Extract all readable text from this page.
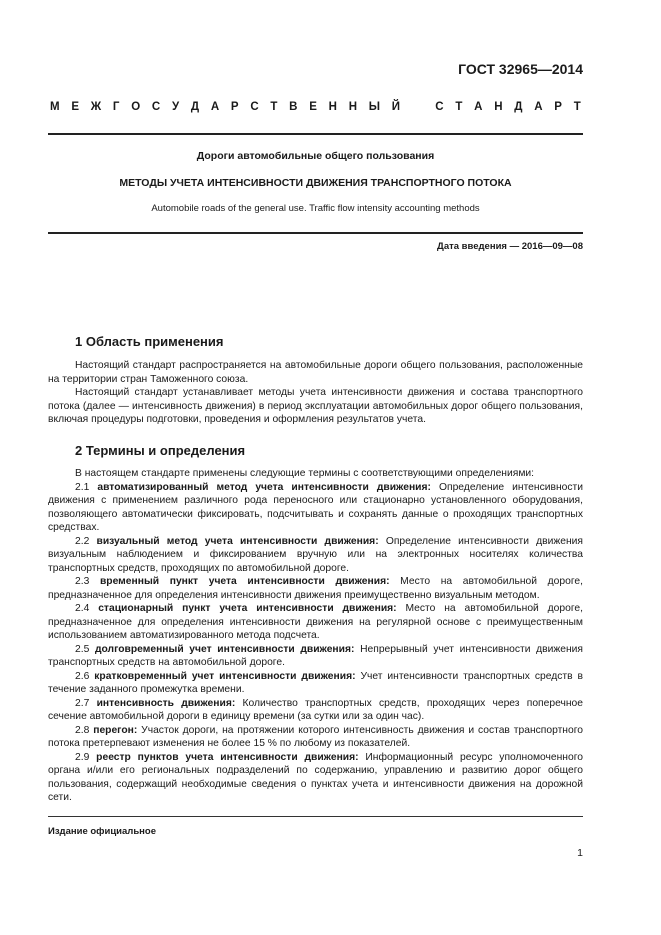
ГОСТ 32965—2014
М Е Ж Г О С У Д А Р С Т В Е Н Н Ы Й	С Т А Н Д А Р Т
Дороги автомобильные общего пользования
МЕТОДЫ УЧЕТА ИНТЕНСИВНОСТИ ДВИЖЕНИЯ ТРАНСПОРТНОГО ПОТОКА
Automobile roads of the general use. Traffic flow intensity accounting methods
Дата введения — 2016—09—08
1 Область применения

Настоящий стандарт распространяется на автомобильные дороги общего пользования, расположенные на территории стран Таможенного союза.

Настоящий стандарт устанавливает методы учета интенсивности движения и состава транспортного потока (далее — интенсивность движения) в период эксплуатации автомобильных дорог общего пользования, включая процедуры подготовки, проведения и оформления результатов учета.

2 Термины и определения

В настоящем стандарте применены следующие термины с соответствующими определениями:

2.1 автоматизированный метод учета интенсивности движения: Определение интенсивности движения с применением различного рода переносного или стационарно установленного оборудования, позволяющего автоматически фиксировать, подсчитывать и сохранять данные о проходящих транспортных средствах.

2.2 визуальный метод учета интенсивности движения: Определение интенсивности движения визуальным наблюдением и фиксированием вручную или на электронных носителях количества транспортных средств, проходящих по автомобильной дороге.

2.3 временный пункт учета интенсивности движения: Место на автомобильной дороге, предназначенное для определения интенсивности движения преимущественно визуальным методом.

2.4 стационарный пункт учета интенсивности движения: Место на автомобильной дороге, предназначенное для определения интенсивности движения на регулярной основе с преимущественным использованием автоматизированного метода подсчета.

2.5 долговременный учет интенсивности движения: Непрерывный учет интенсивности движения транспортных средств на автомобильной дороге.

2.6 кратковременный учет интенсивности движения: Учет интенсивности транспортных средств в течение заданного промежутка времени.

2.7 интенсивность движения: Количество транспортных средств, проходящих через поперечное сечение автомобильной дороги в единицу времени (за сутки или за один час).

2.8 перегон: Участок дороги, на протяжении которого интенсивность движения и состав транспортного потока претерпевают изменения не более 15 % по любому из показателей.

2.9 реестр пунктов учета интенсивности движения: Информационный ресурс уполномоченного органа и/или его региональных подразделений по содержанию, управлению и развитию дорог общего пользования, содержащий необходимые сведения о пунктах учета и интенсивности движения на дорожной сети.

Издание официальное
1
